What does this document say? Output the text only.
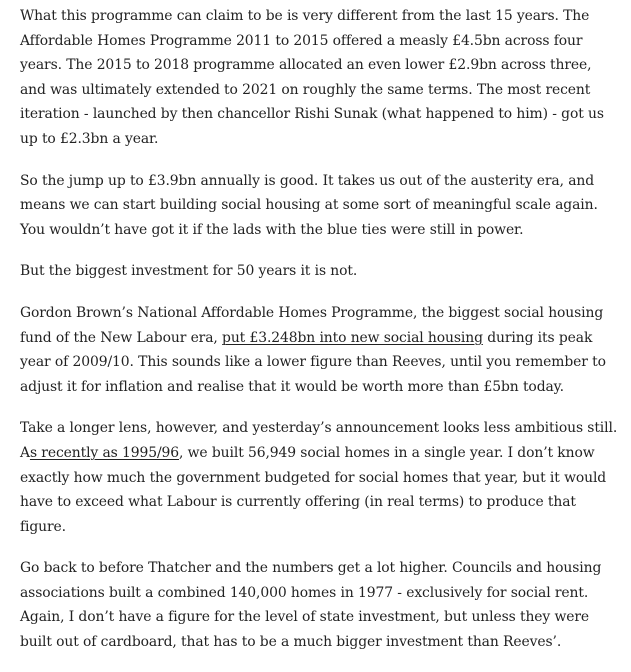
What this programme can claim to be is very different from the last 15 years. The Affordable Homes Programme 2011 to 2015 offered a measly £4.5bn across four years. The 2015 to 2018 programme allocated an even lower £2.9bn across three, and was ultimately extended to 2021 on roughly the same terms. The most recent iteration - launched by then chancellor Rishi Sunak (what happened to him) - got us up to £2.3bn a year.

So the jump up to £3.9bn annually is good. It takes us out of the austerity era, and means we can start building social housing at some sort of meaningful scale again. You wouldn’t have got it if the lads with the blue ties were still in power.

But the biggest investment for 50 years it is not.

Gordon Brown’s National Affordable Homes Programme, the biggest social housing fund of the New Labour era, put £3.248bn into new social housing during its peak year of 2009/10. This sounds like a lower figure than Reeves, until you remember to adjust it for inflation and realise that it would be worth more than £5bn today.

Take a longer lens, however, and yesterday’s announcement looks less ambitious still. As recently as 1995/96, we built 56,949 social homes in a single year. I don’t know exactly how much the government budgeted for social homes that year, but it would have to exceed what Labour is currently offering (in real terms) to produce that figure.

Go back to before Thatcher and the numbers get a lot higher. Councils and housing associations built a combined 140,000 homes in 1977 - exclusively for social rent. Again, I don’t have a figure for the level of state investment, but unless they were built out of cardboard, that has to be a much bigger investment than Reeves’.
